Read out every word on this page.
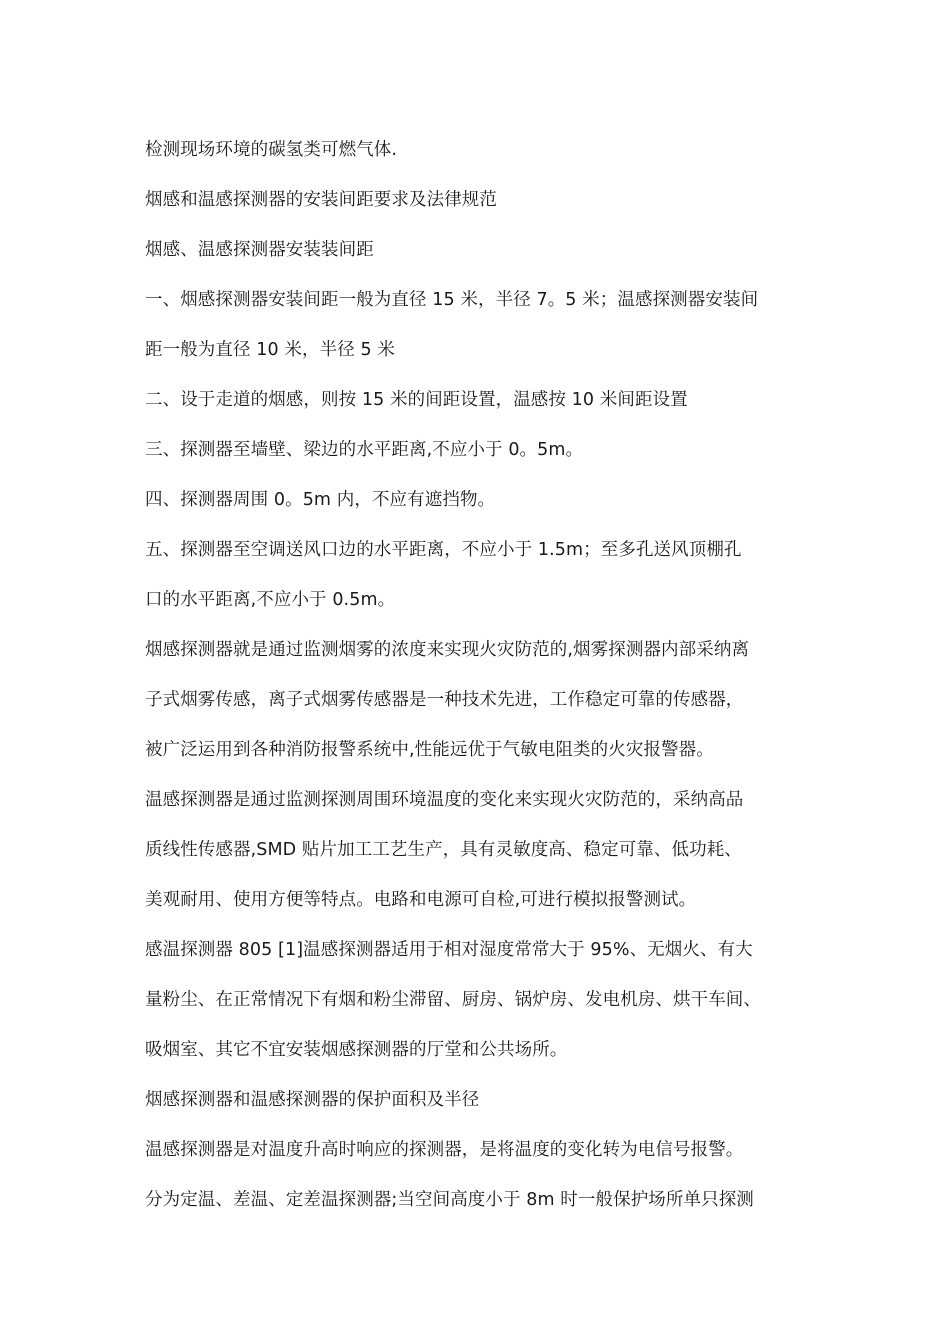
检测现场环境的碳氢类可燃气体.
烟感和温感探测器的安装间距要求及法律规范
烟感、温感探测器安装装间距
一、烟感探测器安装间距一般为直径 15 米，半径 7。5 米；温感探测器安装间
距一般为直径 10 米，半径 5 米
二、设于走道的烟感，则按 15 米的间距设置，温感按 10 米间距设置
三、探测器至墙壁、梁边的水平距离,不应小于 0。5m。
四、探测器周围 0。5m 内，不应有遮挡物。
五、探测器至空调送风口边的水平距离，不应小于 1.5m；至多孔送风顶棚孔
口的水平距离,不应小于 0.5m。
烟感探测器就是通过监测烟雾的浓度来实现火灾防范的,烟雾探测器内部采纳离
子式烟雾传感，离子式烟雾传感器是一种技术先进，工作稳定可靠的传感器，
被广泛运用到各种消防报警系统中,性能远优于气敏电阻类的火灾报警器。
温感探测器是通过监测探测周围环境温度的变化来实现火灾防范的，采纳高品
质线性传感器,SMD 贴片加工工艺生产，具有灵敏度高、稳定可靠、低功耗、
美观耐用、使用方便等特点。电路和电源可自检,可进行模拟报警测试。
感温探测器 805 [1]温感探测器适用于相对湿度常常大于 95%、无烟火、有大
量粉尘、在正常情况下有烟和粉尘滞留、厨房、锅炉房、发电机房、烘干车间、
吸烟室、其它不宜安装烟感探测器的厅堂和公共场所。
烟感探测器和温感探测器的保护面积及半径
温感探测器是对温度升高时响应的探测器，是将温度的变化转为电信号报警。
分为定温、差温、定差温探测器;当空间高度小于 8m 时一般保护场所单只探测
